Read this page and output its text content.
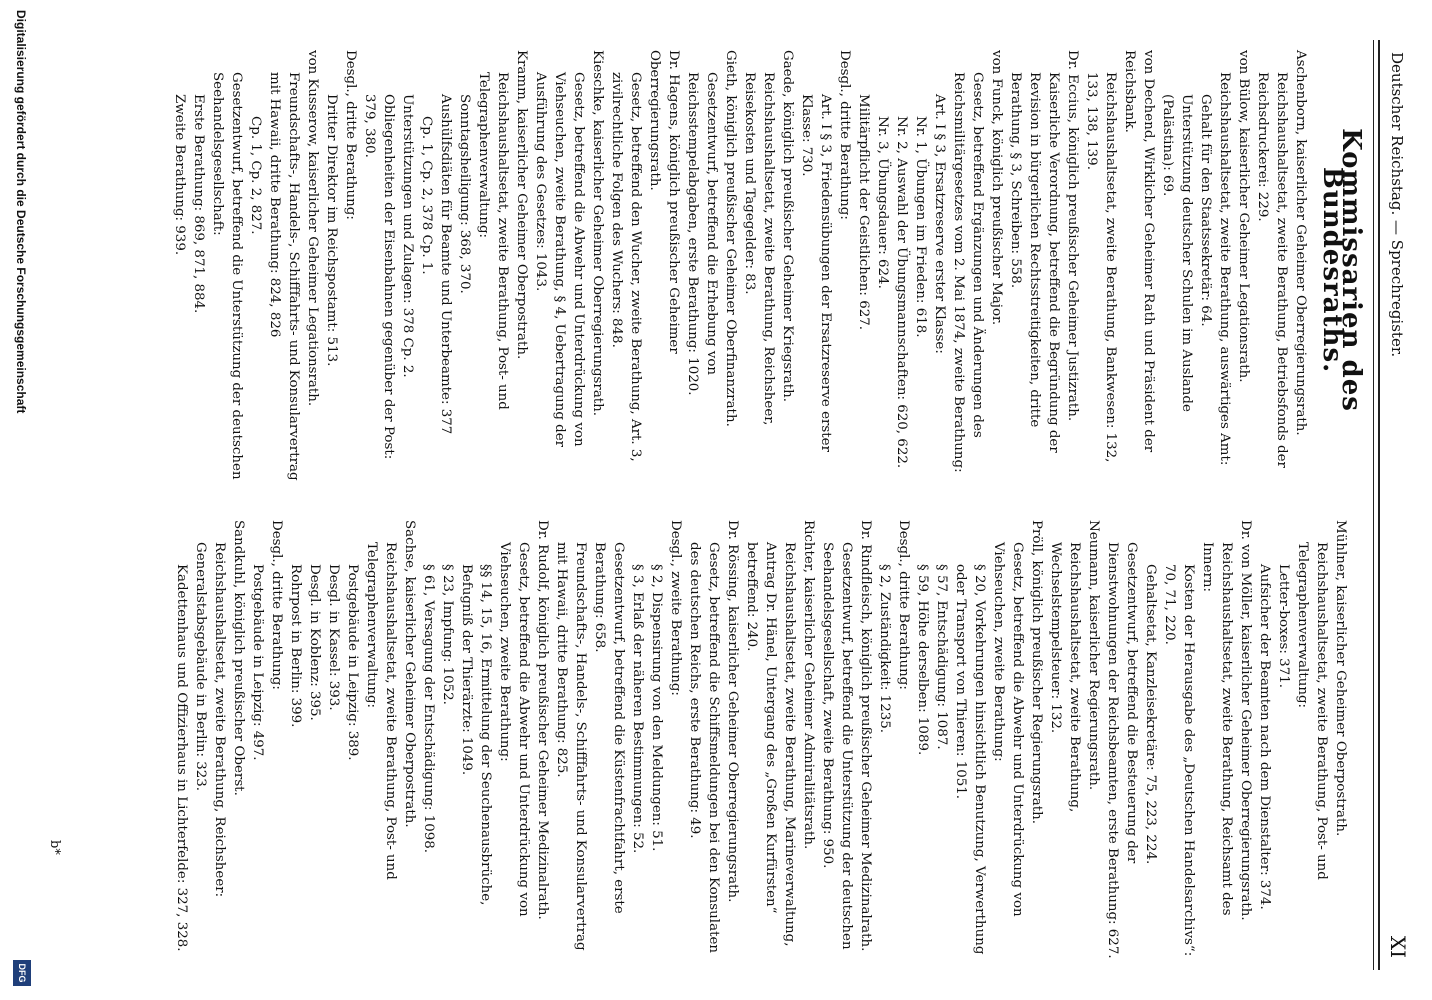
Deutscher Reichstag. — Sprechregister.
XI

Kommissarien des Bundesraths.

Aschenborn, kaiserlicher Geheimer Oberregierungsrath.

Reichshaushaltsetat, zweite Berathung, Betriebsfonds der Reichsdruckerei: 229.

von Bülow, kaiserlicher Geheimer Legationsrath.

Reichshaushaltsetat, zweite Berathung, auswärtiges Amt:

Gehalt für den Staatssekretär: 64.

Unterstützung deutscher Schulen im Auslande (Palästina): 69.

von Dechend, Wirklicher Geheimer Rath und Präsident der Reichsbank.

Reichshaushaltsetat, zweite Berathung, Bankwesen: 132, 133, 138, 139.

Dr. Eccius, königlich preußischer Geheimer Justizrath.

Kaiserliche Verordnung, betreffend die Begründung der Revision in bürgerlichen Rechtsstreitigkeiten, dritte Berathung, § 3, Schreiben: 558.

von Funck, königlich preußischer Major.

Gesetz, betreffend Ergänzungen und Änderungen des Reichsmilitärgesetzes vom 2. Mai 1874, zweite Berathung:

Art. I § 3, Ersatzreserve erster Klasse:

Nr. 1, Übungen im Frieden: 618.

Nr. 2, Auswahl der Übungsmannschaften: 620, 622.

Nr. 3, Übungsdauer: 624.

Militärpflicht der Geistlichen: 627.

Desgl., dritte Berathung:

Art. I § 3, Friedensübungen der Ersatzreserve erster Klasse: 730.

Gaede, königlich preußischer Geheimer Kriegsrath.

Reichshaushaltsetat, zweite Berathung, Reichsheer, Reisekosten und Tagegelder: 83.

Gieth, königlich preußischer Geheimer Oberfinanzrath.

Gesetzentwurf, betreffend die Erhebung von Reichsstempelabgaben, erste Berathung: 1020.

Dr. Hagens, königlich preußischer Geheimer Oberregierungsrath.

Gesetz, betreffend den Wucher, zweite Berathung, Art. 3, zivilrechtliche Folgen des Wuchers: 848.

Kieschke, kaiserlicher Geheimer Oberregierungsrath.

Gesetz, betreffend die Abwehr und Unterdrückung von Viehseuchen, zweite Berathung, § 4, Uebertragung der Ausführung des Gesetzes: 1043.

Kramm, kaiserlicher Geheimer Oberpostrath.

Reichshaushaltsetat, zweite Berathung, Post- und Telegraphenverwaltung:

Sonntagsheiligung: 368, 370.

Aushülfsdiäten für Beamte und Unterbeamte: 377

Cp. 1, Cp. 2, 378 Cp. 1.

Unterstützungen und Zulagen: 378 Cp. 2.

Obliegenheiten der Eisenbahnen gegenüber der Post: 379, 380.

Desgl., dritte Berathung:

Dritter Direktor im Reichspostamt: 513.

von Kusserow, kaiserlicher Geheimer Legationsrath.

Freundschafts-, Handels-, Schifffahrts- und Konsularvertrag mit Hawaii, dritte Berathung: 824, 826

Cp. 1, Cp. 2, 827.

Gesetzentwurf, betreffend die Unterstützung der deutschen Seehandelsgesellschaft:

Erste Berathung: 869, 871, 884.

Zweite Berathung: 939.

Mühlner, kaiserlicher Geheimer Oberpostrath.

Reichshaushaltsetat, zweite Berathung, Post- und Telegraphenverwaltung:

Letter-boxes: 371.

Aufsicher der Beamten nach dem Dienstalter: 374.

Dr. von Möller, kaiserlicher Geheimer Oberregierungsrath.

Reichshaushaltsetat, zweite Berathung, Reichsamt des Innern:

Kosten der Herausgabe des „Deutschen Handelsarchivs“: 70, 71, 220.

Gehaltsetat, Kanzleisekretäre: 75, 223, 224.

Gesetzentwurf, betreffend die Besteuerung der Dienstwohnungen der Reichsbeamten, erste Berathung: 627.

Neumann, kaiserlicher Regierungsrath.

Reichshaushaltsetat, zweite Berathung, Wechselstempelsteuer: 132.

Pröll, königlich preußischer Regierungsrath.

Gesetz, betreffend die Abwehr und Unterdrückung von Viehseuchen, zweite Berathung:

§ 20, Vorkehrungen hinsichtlich Benutzung, Verwerthung oder Transport von Thieren: 1051.

§ 57, Entschädigung: 1087.

§ 59, Höhe derselben: 1089.

Desgl., dritte Berathung:

§ 2, Zuständigkeit: 1235.

Dr. Rindfleisch, königlich preußischer Geheimer Medizinalrath.

Gesetzentwurf, betreffend die Unterstützung der deutschen Seehandelsgesellschaft, zweite Berathung: 950.

Richter, kaiserlicher Geheimer Admiralitätsrath.

Reichshaushaltsetat, zweite Berathung, Marineverwaltung, Antrag Dr. Hänel, Untergang des „Großen Kurfürsten“ betreffend: 240.

Dr. Rössing, kaiserlicher Geheimer Oberregierungsrath.

Gesetz, betreffend die Schiffsmeldungen bei den Konsulaten des deutschen Reichs, erste Berathung: 49.

Desgl., zweite Berathung:

§ 2, Dispensirung von den Meldungen: 51.

§ 3, Erlaß der näheren Bestimmungen: 52.

Gesetzentwurf, betreffend die Küstenfrachtfahrt, erste Berathung: 658.

Freundschafts-, Handels-, Schifffahrts- und Konsularvertrag mit Hawaii, dritte Berathung: 825.

Dr. Rudolf, königlich preußischer Geheimer Medizinalrath.

Gesetz, betreffend die Abwehr und Unterdrückung von Viehseuchen, zweite Berathung:

§§ 14, 15, 16, Ermittelung der Seuchenausbrüche, Befugniß der Thierärzte: 1049.

§ 23, Impfung: 1052.

§ 61, Versagung der Entschädigung: 1098.

Sachse, kaiserlicher Geheimer Oberpostrath.

Reichshaushaltsetat, zweite Berathung, Post- und Telegraphenverwaltung:

Postgebäude in Leipzig: 389.

Desgl. in Kassel: 393.

Desgl. in Koblenz: 395.

Rohrpost in Berlin: 399.

Desgl., dritte Berathung:

Postgebäude in Leipzig: 497.

Sandkuhl, königlich preußischer Oberst.

Reichshaushaltsetat, zweite Berathung, Reichsheer: Generalstabsgebäude in Berlin: 323.

Kadettenhaus und Offizierhaus in Lichterfelde: 327, 328.

b*
Digitalisierung gefördert durch die Deutsche Forschungsgemeinschaft
DFG
